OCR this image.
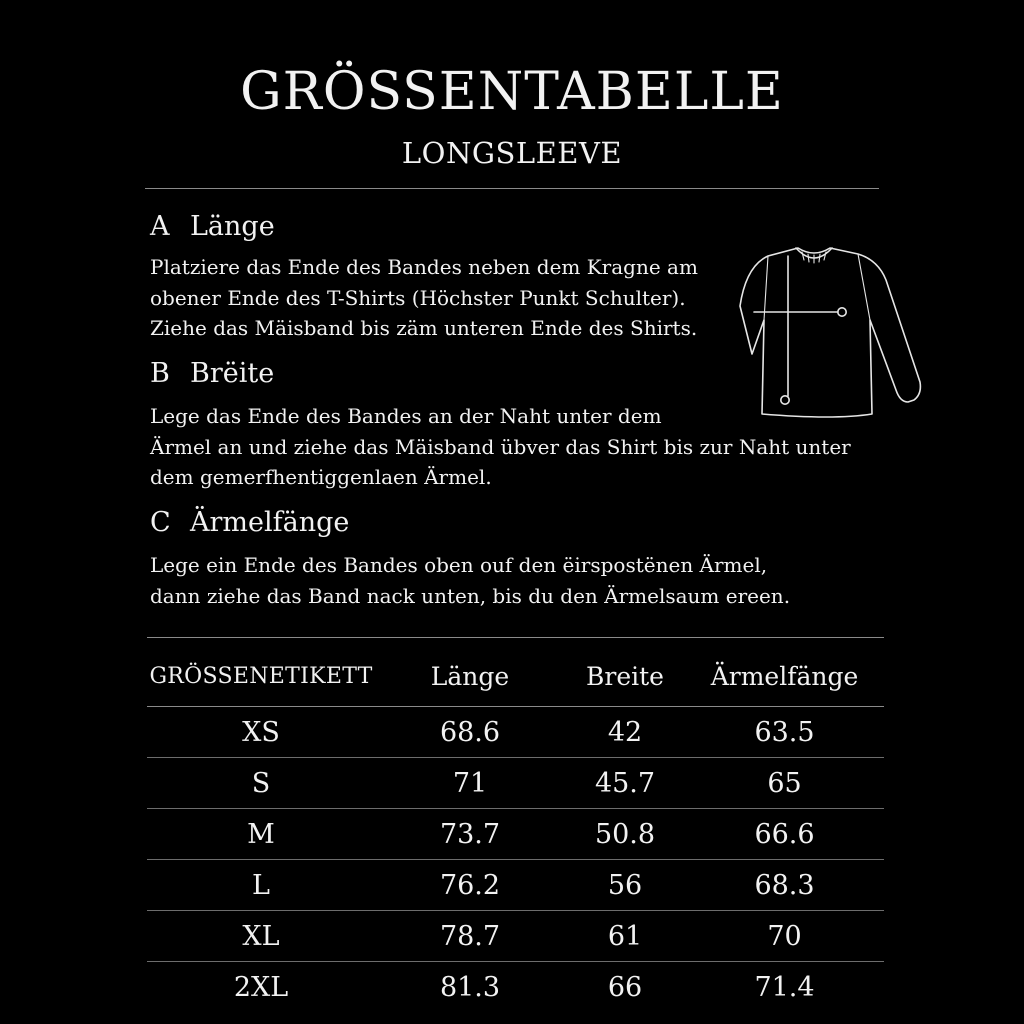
GRÖSSENTABELLE
LONGSLEEVE
A Länge
Platziere das Ende des Bandes neben dem Kragne am
obener Ende des T-Shirts (Höchster Punkt Schulter).
Ziehe das Mäisband bis zäm unteren Ende des Shirts.
B Brëite
Lege das Ende des Bandes an der Naht unter dem
Ärmel an und ziehe das Mäisband übver das Shirt bis zur Naht unter
dem gemerfhentiggenlaen Ärmel.
C Ärmelfänge
Lege ein Ende des Bandes oben ouf den ëirspostënen Ärmel,
dann ziehe das Band nack unten, bis du den Ärmelsaum ereen.
GRÖSSENETIKETT	Länge	Breite	Ärmelfänge
XS	68.6	42	63.5
S	71	45.7	65
M	73.7	50.8	66.6
L	76.2	56	68.3
XL	78.7	61	70
2XL	81.3	66	71.4
